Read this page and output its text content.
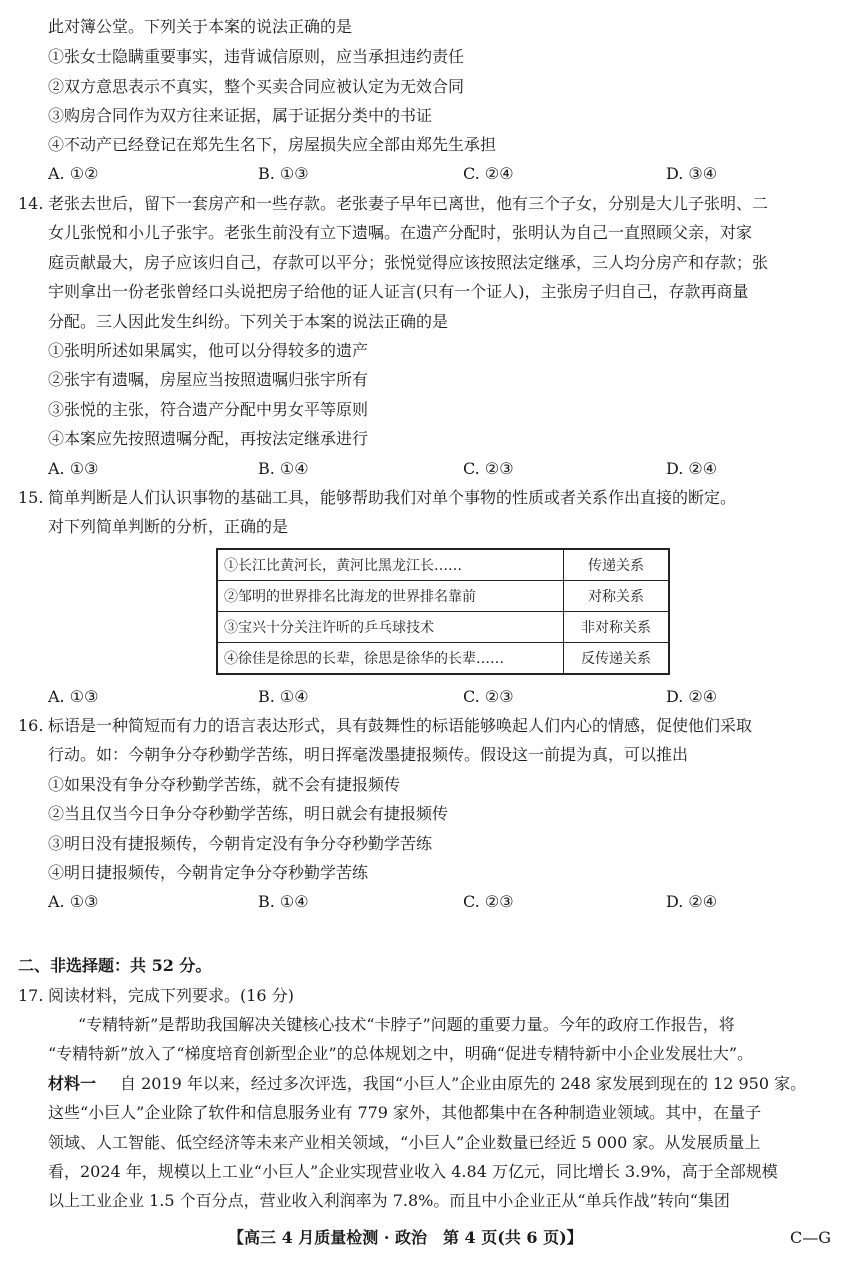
此对簿公堂。下列关于本案的说法正确的是
①张女士隐瞒重要事实，违背诚信原则，应当承担违约责任
②双方意思表示不真实，整个买卖合同应被认定为无效合同
③购房合同作为双方往来证据，属于证据分类中的书证
④不动产已经登记在郑先生名下，房屋损失应全部由郑先生承担
A. ①②	B. ①③	C. ②④	D. ③④
14. 老张去世后，留下一套房产和一些存款。老张妻子早年已离世，他有三个子女，分别是大儿子张明、二
女儿张悦和小儿子张宇。老张生前没有立下遗嘱。在遗产分配时，张明认为自己一直照顾父亲，对家
庭贡献最大，房子应该归自己，存款可以平分；张悦觉得应该按照法定继承，三人均分房产和存款；张
宇则拿出一份老张曾经口头说把房子给他的证人证言(只有一个证人)，主张房子归自己，存款再商量
分配。三人因此发生纠纷。下列关于本案的说法正确的是
①张明所述如果属实，他可以分得较多的遗产
②张宇有遗嘱，房屋应当按照遗嘱归张宇所有
③张悦的主张，符合遗产分配中男女平等原则
④本案应先按照遗嘱分配，再按法定继承进行
A. ①③	B. ①④	C. ②③	D. ②④
15. 简单判断是人们认识事物的基础工具，能够帮助我们对单个事物的性质或者关系作出直接的断定。
对下列简单判断的分析，正确的是
①长江比黄河长，黄河比黑龙江长……	传递关系
②邹明的世界排名比海龙的世界排名靠前	对称关系
③宝兴十分关注许昕的乒乓球技术	非对称关系
④徐佳是徐思的长辈，徐思是徐华的长辈……	反传递关系
A. ①③	B. ①④	C. ②③	D. ②④
16. 标语是一种简短而有力的语言表达形式，具有鼓舞性的标语能够唤起人们内心的情感，促使他们采取
行动。如：今朝争分夺秒勤学苦练，明日挥毫泼墨捷报频传。假设这一前提为真，可以推出
①如果没有争分夺秒勤学苦练，就不会有捷报频传
②当且仅当今日争分夺秒勤学苦练，明日就会有捷报频传
③明日没有捷报频传，今朝肯定没有争分夺秒勤学苦练
④明日捷报频传，今朝肯定争分夺秒勤学苦练
A. ①③	B. ①④	C. ②③	D. ②④
二、非选择题：共 52 分。
17. 阅读材料，完成下列要求。(16 分)
“专精特新”是帮助我国解决关键核心技术“卡脖子”问题的重要力量。今年的政府工作报告，将
“专精特新”放入了“梯度培育创新型企业”的总体规划之中，明确“促进专精特新中小企业发展壮大”。
材料一 自 2019 年以来，经过多次评选，我国“小巨人”企业由原先的 248 家发展到现在的 12 950 家。
这些“小巨人”企业除了软件和信息服务业有 779 家外，其他都集中在各种制造业领域。其中，在量子
领域、人工智能、低空经济等未来产业相关领域，“小巨人”企业数量已经近 5 000 家。从发展质量上
看，2024 年，规模以上工业“小巨人”企业实现营业收入 4.84 万亿元，同比增长 3.9%，高于全部规模
以上工业企业 1.5 个百分点，营业收入利润率为 7.8%。而且中小企业正从“单兵作战”转向“集团
【高三 4 月质量检测 · 政治　第 4 页(共 6 页)】	C—G
